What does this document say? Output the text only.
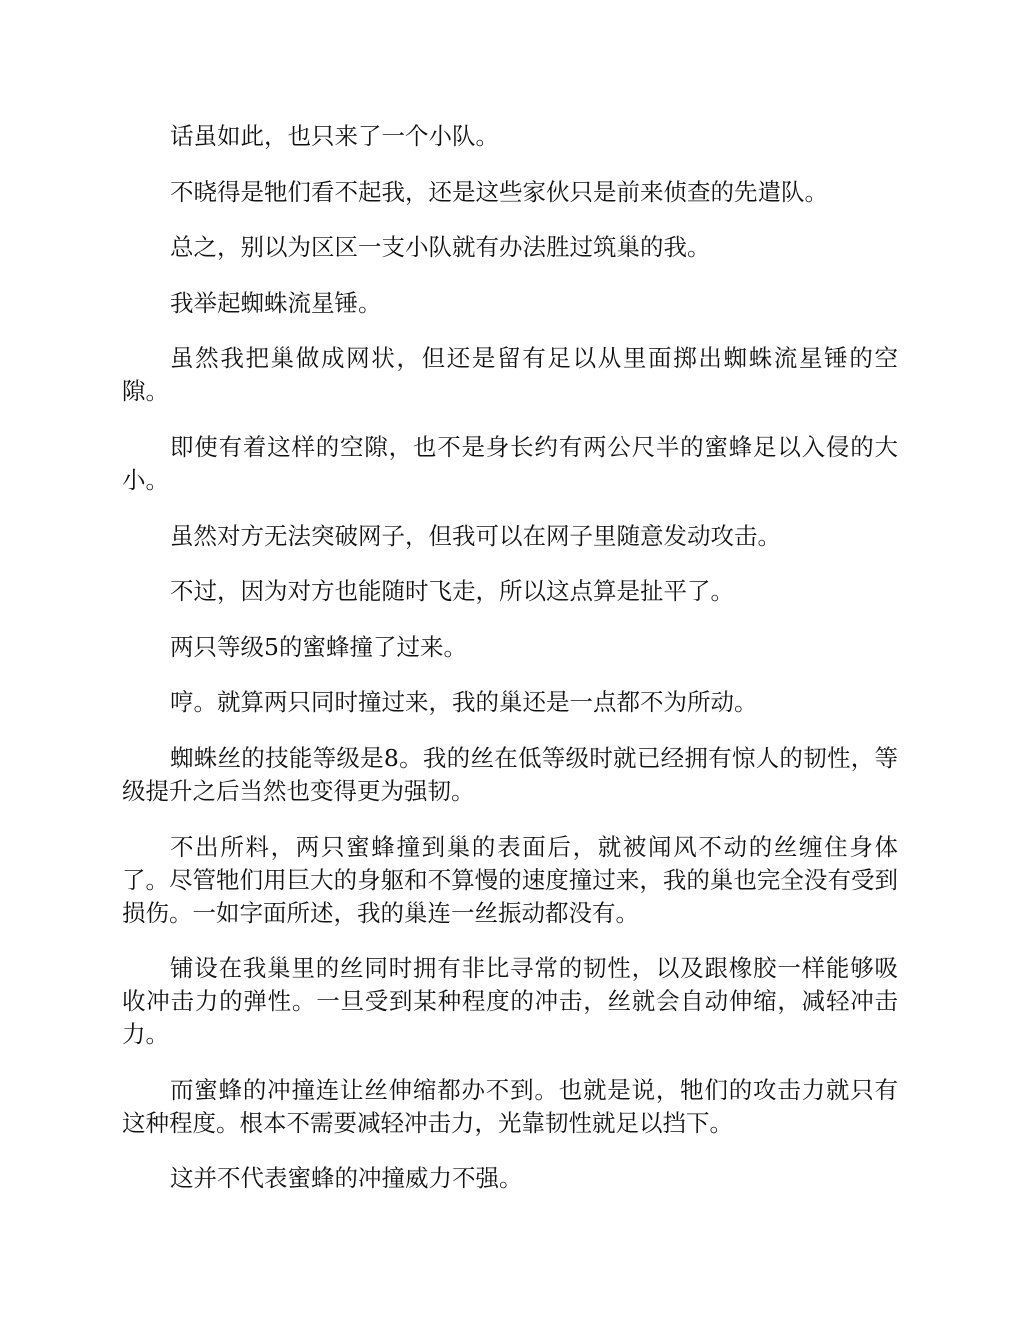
话虽如此，也只来了一个小队。

不晓得是牠们看不起我，还是这些家伙只是前来侦查的先遣队。

总之，别以为区区一支小队就有办法胜过筑巢的我。

我举起蜘蛛流星锤。

虽然我把巢做成网状，但还是留有足以从里面掷出蜘蛛流星锤的空隙。

即使有着这样的空隙，也不是身长约有两公尺半的蜜蜂足以入侵的大小。

虽然对方无法突破网子，但我可以在网子里随意发动攻击。

不过，因为对方也能随时飞走，所以这点算是扯平了。

两只等级5的蜜蜂撞了过来。

哼。就算两只同时撞过来，我的巢还是一点都不为所动。

蜘蛛丝的技能等级是8。我的丝在低等级时就已经拥有惊人的韧性，等级提升之后当然也变得更为强韧。

不出所料，两只蜜蜂撞到巢的表面后，就被闻风不动的丝缠住身体了。尽管牠们用巨大的身躯和不算慢的速度撞过来，我的巢也完全没有受到损伤。一如字面所述，我的巢连一丝振动都没有。

铺设在我巢里的丝同时拥有非比寻常的韧性，以及跟橡胶一样能够吸收冲击力的弹性。一旦受到某种程度的冲击，丝就会自动伸缩，减轻冲击力。

而蜜蜂的冲撞连让丝伸缩都办不到。也就是说，牠们的攻击力就只有这种程度。根本不需要减轻冲击力，光靠韧性就足以挡下。

这并不代表蜜蜂的冲撞威力不强。
